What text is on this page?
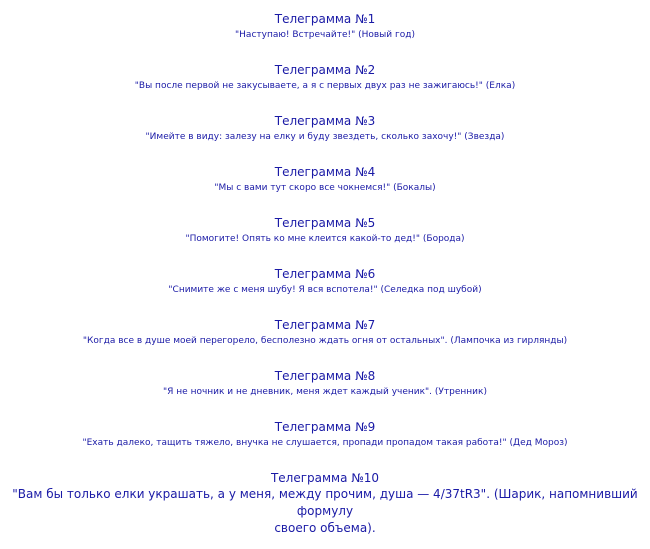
Телеграмма №1
"Наступаю! Встречайте!" (Новый год)
Телеграмма №2
"Вы после первой не закусываете, а я с первых двух раз не зажигаюсь!" (Елка)
Телеграмма №3
"Имейте в виду: залезу на елку и буду звездеть, сколько захочу!" (Звезда)
Телеграмма №4
"Мы с вами тут скоро все чокнемся!" (Бокалы)
Телеграмма №5
"Помогите! Опять ко мне клеится какой-то дед!" (Борода)
Телеграмма №6
"Снимите же с меня шубу! Я вся вспотела!" (Селедка под шубой)
Телеграмма №7
"Когда все в душе моей перегорело, бесполезно ждать огня от остальных". (Лампочка из гирлянды)
Телеграмма №8
"Я не ночник и не дневник, меня ждет каждый ученик". (Утренник)
Телеграмма №9
"Ехать далеко, тащить тяжело, внучка не слушается, пропади пропадом такая работа!" (Дед Мороз)
Телеграмма №10
"Вам бы только елки украшать, а у меня, между прочим, душа — 4/37tR3". (Шарик, напомнивший формулу
своего объема).
